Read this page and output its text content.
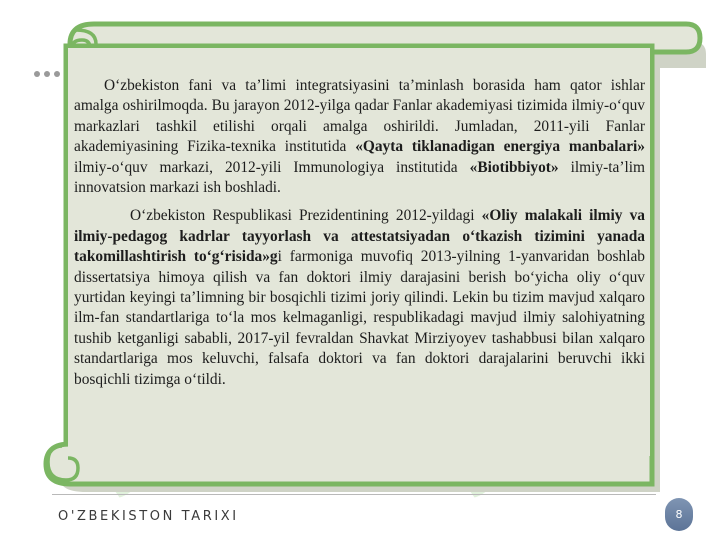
O‘zbekiston fani va ta’limi integratsiyasini ta’minlash borasida ham qator ishlar amalga oshirilmoqda. Bu jarayon 2012-yilga qadar Fanlar akademiyasi tizimida ilmiy-o‘quv markazlari tashkil etilishi orqali amalga oshirildi. Jumladan, 2011-yili Fanlar akademiyasining Fizika-texnika institutida «Qayta tiklanadigan energiya manbalari» ilmiy-o‘quv markazi, 2012-yili Immunologiya institutida «Biotibbiyot» ilmiy-ta’lim innovatsion markazi ish boshladi.

O‘zbekiston Respublikasi Prezidentining 2012-yildagi «Oliy malakali ilmiy va ilmiy-pedagog kadrlar tayyorlash va attestatsiyadan o‘tkazish tizimini yanada takomillashtirish to‘g‘risida»gi farmoniga muvofiq 2013-yilning 1-yanvaridan boshlab dissertatsiya himoya qilish va fan doktori ilmiy darajasini berish bo‘yicha oliy o‘quv yurtidan keyingi ta’limning bir bosqichli tizimi joriy qilindi. Lekin bu tizim mavjud xalqaro ilm-fan standartlariga to‘la mos kelmaganligi, respublikadagi mavjud ilmiy salohiyatning tushib ketganligi sababli, 2017-yil fevraldan Shavkat Mirziyoyev tashabbusi bilan xalqaro standartlariga mos keluvchi, falsafa doktori va fan doktori darajalarini beruvchi ikki bosqichli tizimga o‘tildi.

O'ZBEKISTON TARIXI	8
